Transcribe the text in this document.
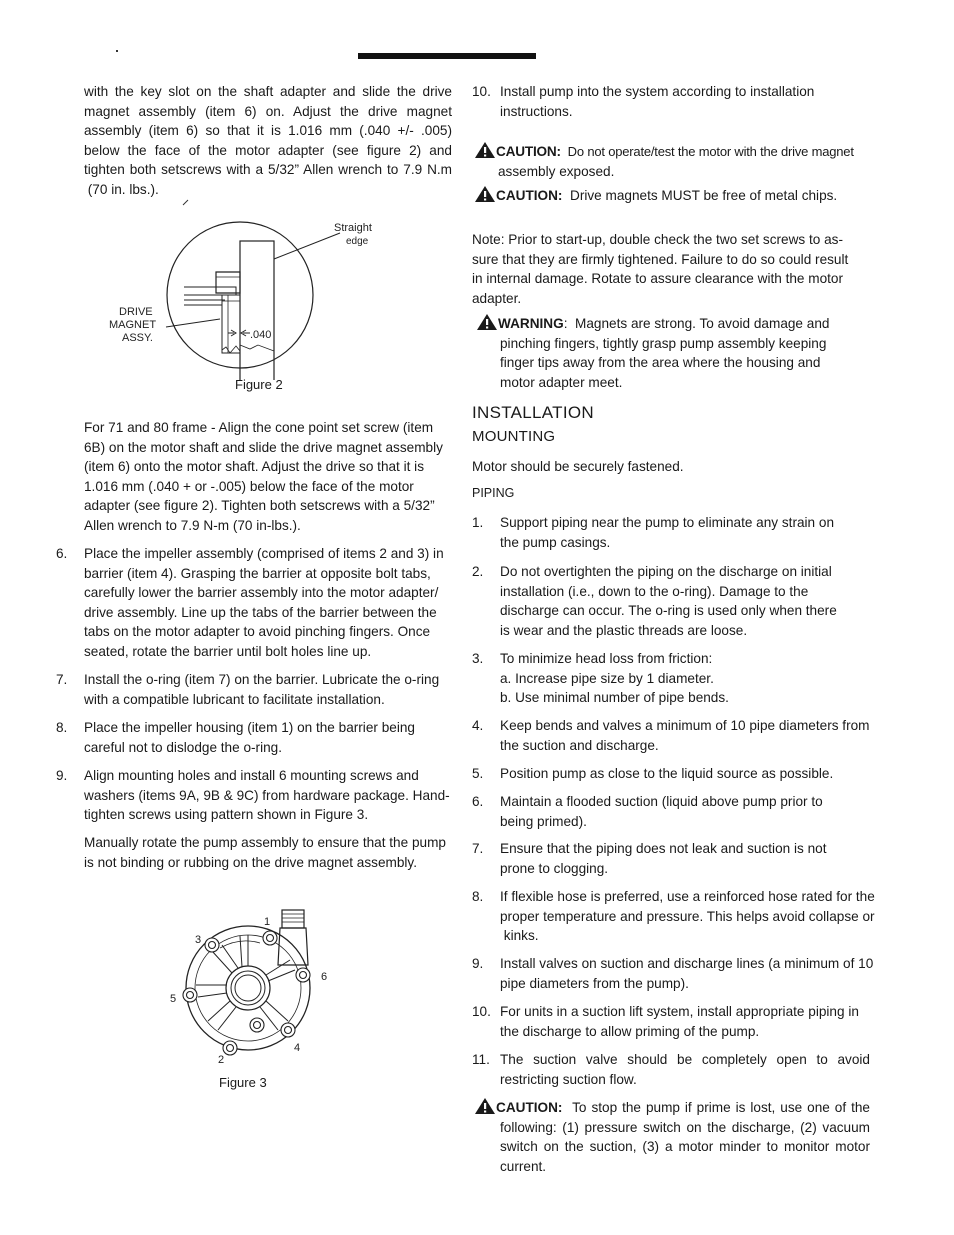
with the key slot on the shaft adapter and slide the drive

magnet assembly (item 6) on. Adjust the drive magnet

assembly (item 6) so that it is 1.016 mm (.040 +/- .005)

below the face of the motor adapter (see figure 2) and

tighten both setscrews with a 5/32” Allen wrench to 7.9 N.m

(70 in. lbs.).

Straight
edge
DRIVE
MAGNET
ASSY.	.040
Figure 2

For 71 and 80 frame - Align the cone point set screw (item

6B) on the motor shaft and slide the drive magnet assembly

(item 6) onto the motor shaft. Adjust the drive so that it is

1.016 mm (.040 + or -.005) below the face of the motor

adapter (see figure 2). Tighten both setscrews with a 5/32”

Allen wrench to 7.9 N-m (70 in-lbs.).

6. Place the impeller assembly (comprised of items 2 and 3) in

barrier (item 4). Grasping the barrier at opposite bolt tabs,

carefully lower the barrier assembly into the motor adapter/

drive assembly. Line up the tabs of the barrier between the

tabs on the motor adapter to avoid pinching fingers. Once

seated, rotate the barrier until bolt holes line up.

7. Install the o-ring (item 7) on the barrier. Lubricate the o-ring

with a compatible lubricant to facilitate installation.

8. Place the impeller housing (item 1) on the barrier being

careful not to dislodge the o-ring.

9. Align mounting holes and install 6 mounting screws and

washers (items 9A, 9B & 9C) from hardware package. Hand-

tighten screws using pattern shown in Figure 3.

Manually rotate the pump assembly to ensure that the pump

is not binding or rubbing on the drive magnet assembly.

1
2
3
4
5
6
Figure 3
10. Install pump into the system according to installation

instructions.

CAUTION:  Do not operate/test the motor with the drive magnet

assembly exposed.

CAUTION:  Drive magnets MUST be free of metal chips.

Note: Prior to start-up, double check the two set screws to as-

sure that they are firmly tightened. Failure to do so could result

in internal damage. Rotate to assure clearance with the motor

adapter.

WARNING:  Magnets are strong. To avoid damage and

pinching fingers, tightly grasp pump assembly keeping

finger tips away from the area where the housing and

motor adapter meet.

INSTALLATION
MOUNTING
Motor should be securely fastened.
PIPING
1. Support piping near the pump to eliminate any strain on

the pump casings.

2. Do not overtighten the piping on the discharge on initial

installation (i.e., down to the o-ring). Damage to the

discharge can occur. The o-ring is used only when there

is wear and the plastic threads are loose.

3. To minimize head loss from friction:

a. Increase pipe size by 1 diameter.

b. Use minimal number of pipe bends.

4. Keep bends and valves a minimum of 10 pipe diameters from

the suction and discharge.

5. Position pump as close to the liquid source as possible.

6. Maintain a flooded suction (liquid above pump prior to

being primed).

7. Ensure that the piping does not leak and suction is not

prone to clogging.

8. If flexible hose is preferred, use a reinforced hose rated for the

proper temperature and pressure. This helps avoid collapse or

kinks.

9. Install valves on suction and discharge lines (a minimum of 10

pipe diameters from the pump).

10. For units in a suction lift system, install appropriate piping in

the discharge to allow priming of the pump.

11. The suction valve should be completely open to avoid

restricting suction flow.

CAUTION:  To stop the pump if prime is lost, use one of the

following: (1) pressure switch on the discharge, (2) vacuum

switch on the suction, (3) a motor minder to monitor motor

current.
